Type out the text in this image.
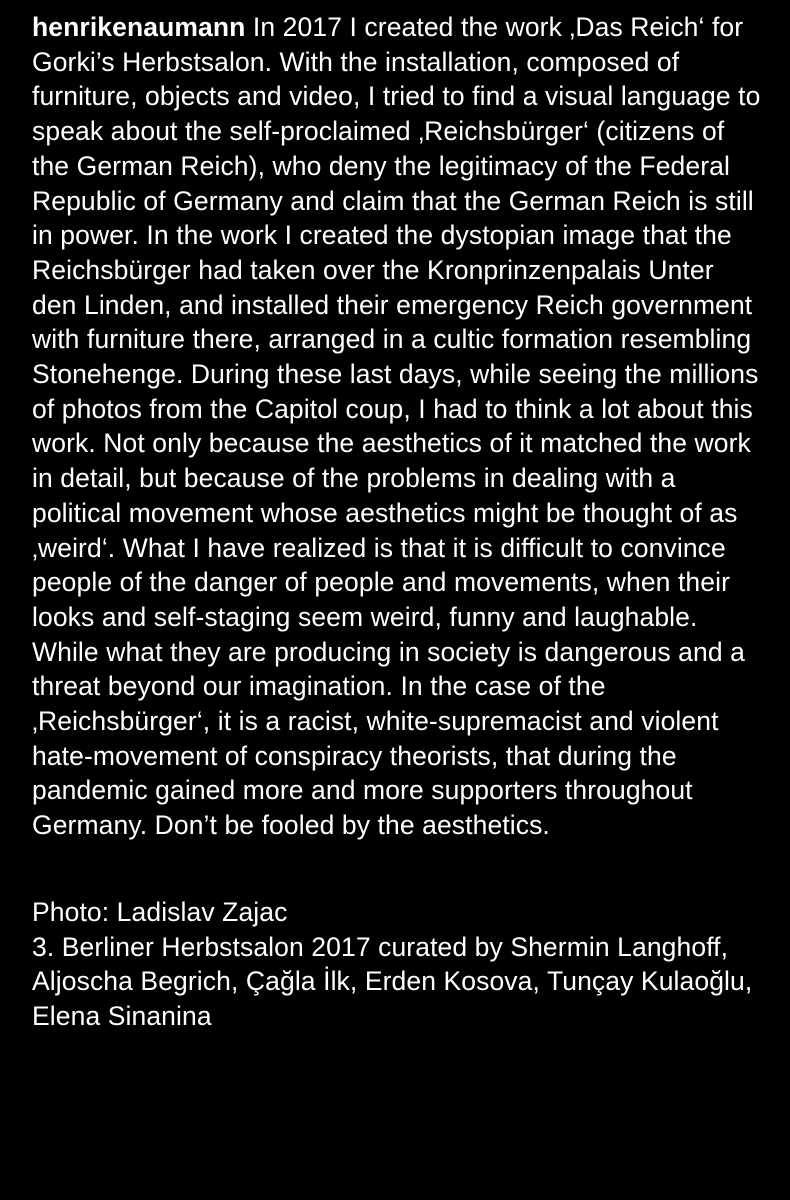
henrikenaumann In 2017 I created the work ‚Das Reich‘ for Gorki’s Herbstsalon. With the installation, composed of furniture, objects and video, I tried to find a visual language to speak about the self-proclaimed ‚Reichsbürger‘ (citizens of the German Reich), who deny the legitimacy of the Federal Republic of Germany and claim that the German Reich is still in power. In the work I created the dystopian image that the Reichsbürger had taken over the Kronprinzenpalais Unter den Linden, and installed their emergency Reich government with furniture there, arranged in a cultic formation resembling Stonehenge. During these last days, while seeing the millions of photos from the Capitol coup, I had to think a lot about this work. Not only because the aesthetics of it matched the work in detail, but because of the problems in dealing with a political movement whose aesthetics might be thought of as ‚weird‘. What I have realized is that it is difficult to convince people of the danger of people and movements, when their looks and self-staging seem weird, funny and laughable. While what they are producing in society is dangerous and a threat beyond our imagination. In the case of the ‚Reichsbürger‘, it is a racist, white-supremacist and violent hate-movement of conspiracy theorists, that during the pandemic gained more and more supporters throughout Germany. Don’t be fooled by the aesthetics.

Photo: Ladislav Zajac

3. Berliner Herbstsalon 2017 curated by Shermin Langhoff, Aljoscha Begrich, Çağla İlk, Erden Kosova, Tunçay Kulaoğlu, Elena Sinanina
